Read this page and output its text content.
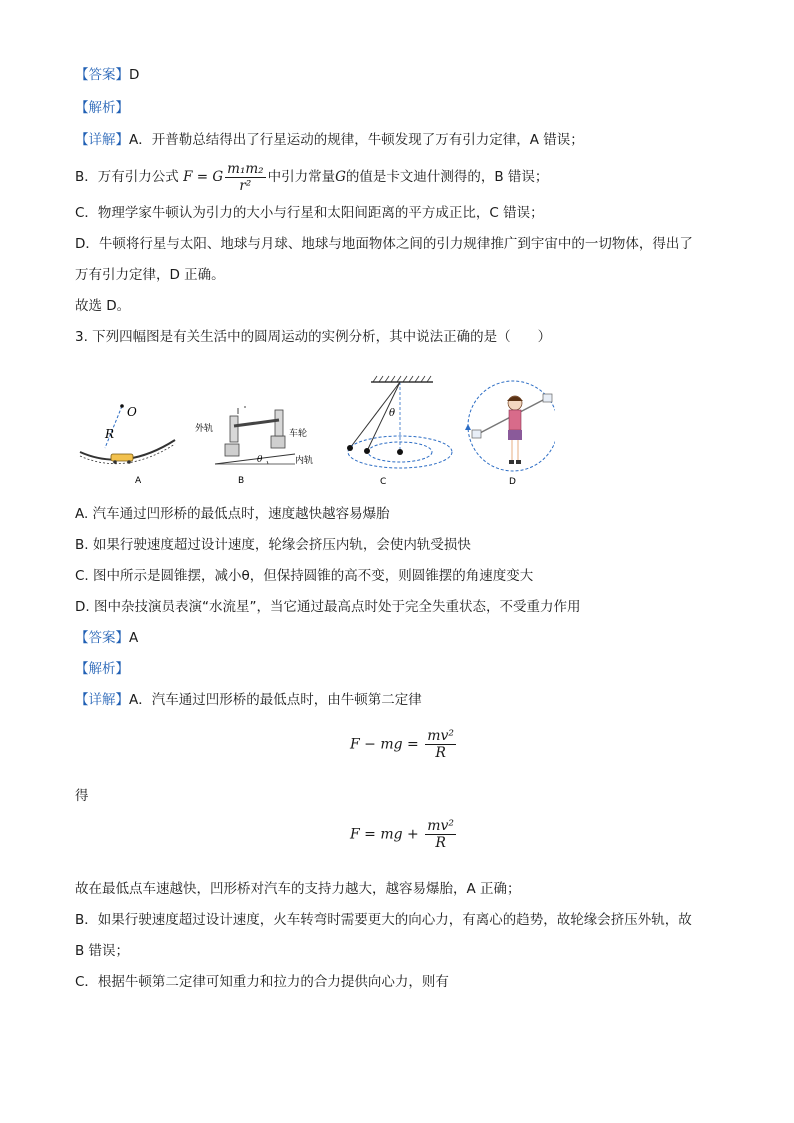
【答案】D
【解析】
【详解】A．开普勒总结得出了行星运动的规律，牛顿发现了万有引力定律，A 错误；
B．万有引力公式 F = G $\frac{\text{m₁m₂}}{\text{r²}}$ 中引力常量G的值是卡文迪什测得的，B 错误；
C．物理学家牛顿认为引力的大小与行星和太阳间距离的平方成正比，C 错误；
D．牛顿将行星与太阳、地球与月球、地球与地面物体之间的引力规律推广到宇宙中的一切物体，得出了
万有引力定律，D 正确。
故选 D。
3. 下列四幅图是有关生活中的圆周运动的实例分析，其中说法正确的是（　　）
O
R
A
θ
外轨	车轮
内轨
B
θ
C	D
A. 汽车通过凹形桥的最低点时，速度越快越容易爆胎
B. 如果行驶速度超过设计速度，轮缘会挤压内轨，会使内轨受损快
C. 图中所示是圆锥摆，减小θ，但保持圆锥的高不变，则圆锥摆的角速度变大
D. 图中杂技演员表演“水流星”，当它通过最高点时处于完全失重状态，不受重力作用
【答案】A
【解析】
【详解】A．汽车通过凹形桥的最低点时，由牛顿第二定律
F − mg = $\frac{\text{mv²}}{R}$
得
F = mg + $\frac{\text{mv²}}{R}$
故在最低点车速越快，凹形桥对汽车的支持力越大，越容易爆胎，A 正确；
B．如果行驶速度超过设计速度，火车转弯时需要更大的向心力，有离心的趋势，故轮缘会挤压外轨，故
B 错误；
C．根据牛顿第二定律可知重力和拉力的合力提供向心力，则有
